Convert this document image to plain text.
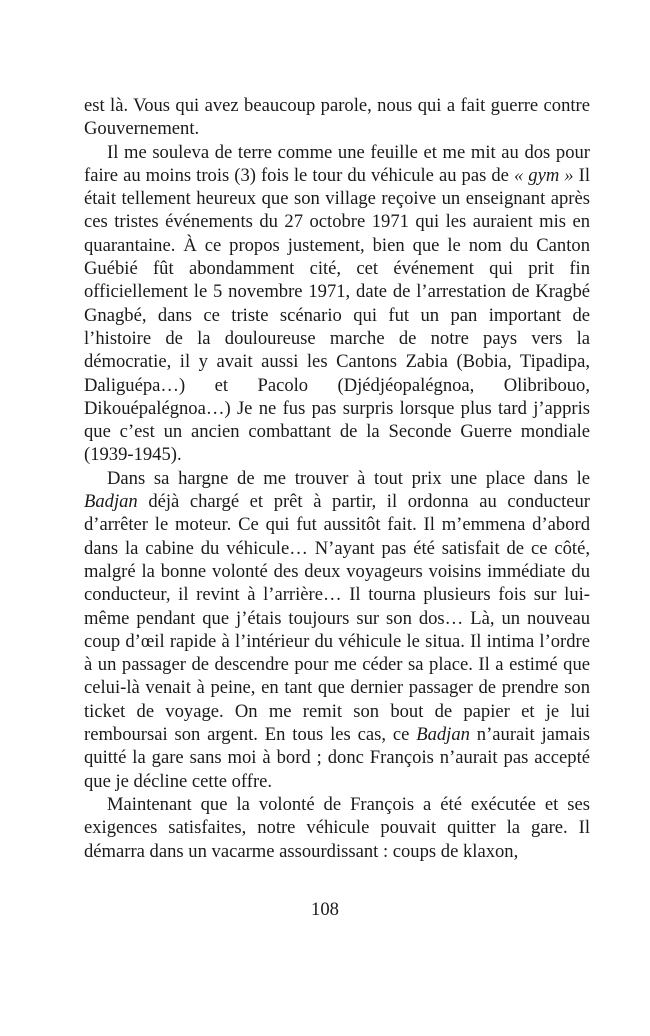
est là. Vous qui avez beaucoup parole, nous qui a fait guerre contre Gouvernement.

Il me souleva de terre comme une feuille et me mit au dos pour faire au moins trois (3) fois le tour du véhicule au pas de « gym » Il était tellement heureux que son village reçoive un enseignant après ces tristes événements du 27 octobre 1971 qui les auraient mis en quarantaine. À ce propos justement, bien que le nom du Canton Guébié fût abondamment cité, cet événement qui prit fin officiellement le 5 novembre 1971, date de l’arrestation de Kragbé Gnagbé, dans ce triste scénario qui fut un pan important de l’histoire de la douloureuse marche de notre pays vers la démocratie, il y avait aussi les Cantons Zabia (Bobia, Tipadipa, Daliguépa…) et Pacolo (Djédjéopalégnoa, Olibribouo, Dikouépalégnoa…) Je ne fus pas surpris lorsque plus tard j’appris que c’est un ancien combattant de la Seconde Guerre mondiale (1939-1945).

Dans sa hargne de me trouver à tout prix une place dans le Badjan déjà chargé et prêt à partir, il ordonna au conducteur d’arrêter le moteur. Ce qui fut aussitôt fait. Il m’emmena d’abord dans la cabine du véhicule… N’ayant pas été satisfait de ce côté, malgré la bonne volonté des deux voyageurs voisins immédiate du conducteur, il revint à l’arrière… Il tourna plusieurs fois sur lui-même pendant que j’étais toujours sur son dos… Là, un nouveau coup d’œil rapide à l’intérieur du véhicule le situa. Il intima l’ordre à un passager de descendre pour me céder sa place. Il a estimé que celui-là venait à peine, en tant que dernier passager de prendre son ticket de voyage. On me remit son bout de papier et je lui remboursai son argent. En tous les cas, ce Badjan n’aurait jamais quitté la gare sans moi à bord ; donc François n’aurait pas accepté que je décline cette offre.

Maintenant que la volonté de François a été exécutée et ses exigences satisfaites, notre véhicule pouvait quitter la gare. Il démarra dans un vacarme assourdissant : coups de klaxon,

108
